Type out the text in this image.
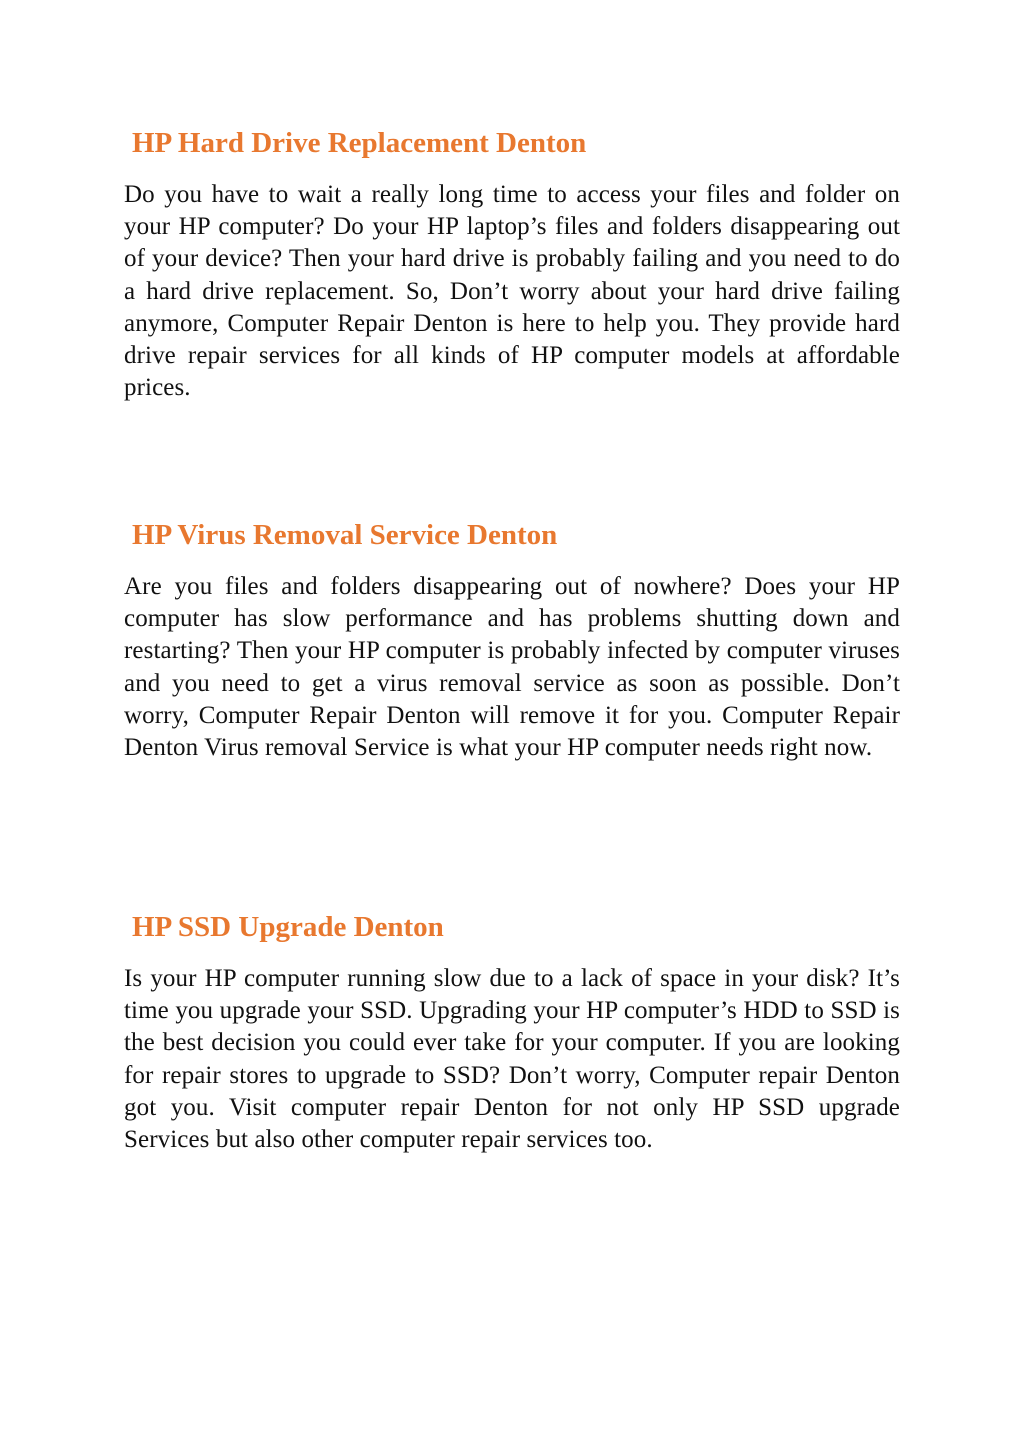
HP Hard Drive Replacement Denton

Do you have to wait a really long time to access your files and folder on your HP computer? Do your HP laptop’s files and folders disappearing out of your device? Then your hard drive is probably failing and you need to do a hard drive replacement. So, Don’t worry about your hard drive failing anymore, Computer Repair Denton is here to help you. They provide hard drive repair services for all kinds of HP computer models at affordable prices.

HP Virus Removal Service Denton

Are you files and folders disappearing out of nowhere? Does your HP computer has slow performance and has problems shutting down and restarting? Then your HP computer is probably infected by computer viruses and you need to get a virus removal service as soon as possible. Don’t worry, Computer Repair Denton will remove it for you. Computer Repair Denton Virus removal Service is what your HP computer needs right now.

HP SSD Upgrade Denton

Is your HP computer running slow due to a lack of space in your disk? It’s time you upgrade your SSD. Upgrading your HP computer’s HDD to SSD is the best decision you could ever take for your computer. If you are looking for repair stores to upgrade to SSD? Don’t worry, Computer repair Denton got you. Visit computer repair Denton for not only HP SSD upgrade Services but also other computer repair services too.
